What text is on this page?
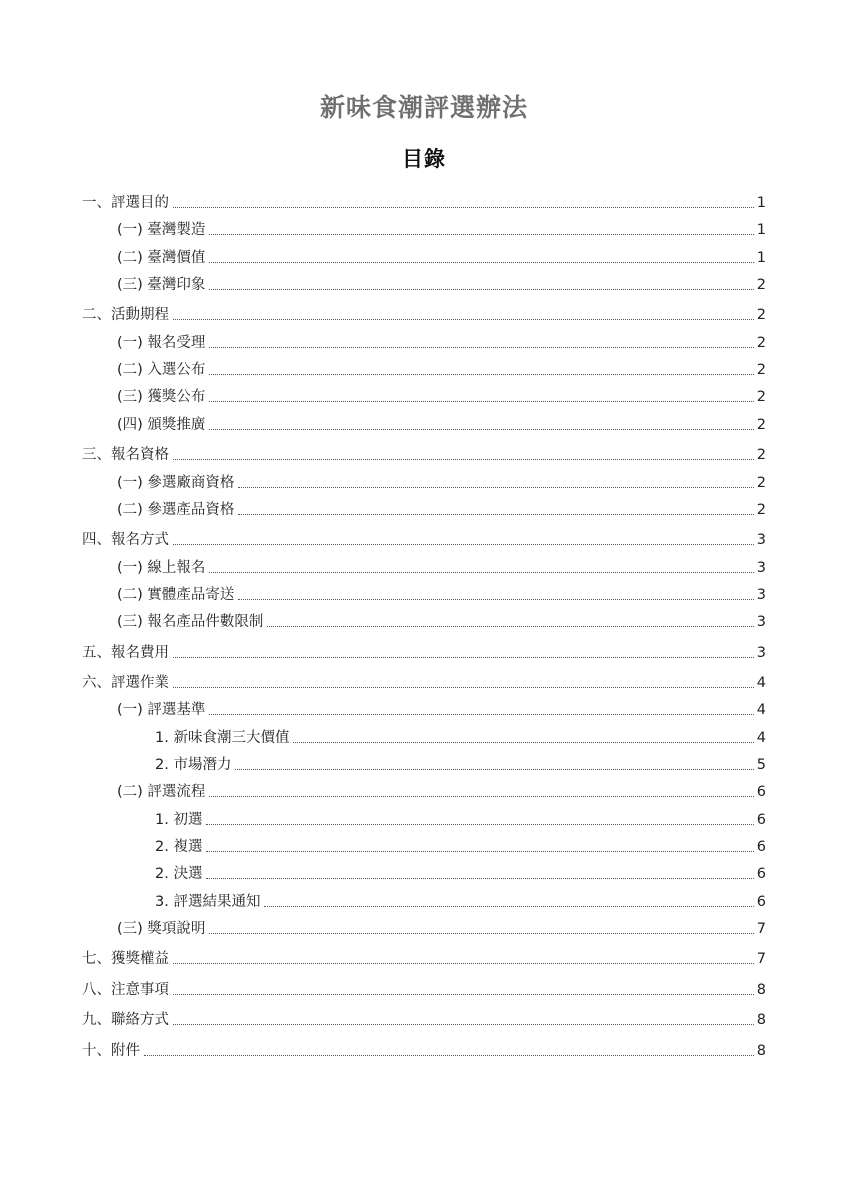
新味食潮評選辦法
目錄
一、評選目的	1
(一) 臺灣製造	1
(二) 臺灣價值	1
(三) 臺灣印象	2
二、活動期程	2
(一) 報名受理	2
(二) 入選公布	2
(三) 獲獎公布	2
(四) 頒獎推廣	2
三、報名資格	2
(一) 參選廠商資格	2
(二) 參選產品資格	2
四、報名方式	3
(一) 線上報名	3
(二) 實體產品寄送	3
(三) 報名產品件數限制	3
五、報名費用	3
六、評選作業	4
(一) 評選基準	4
1. 新味食潮三大價值	4
2. 市場潛力	5
(二) 評選流程	6
1. 初選	6
2. 複選	6
2. 決選	6
3. 評選結果通知	6
(三) 獎項說明	7
七、獲獎權益	7
八、注意事項	8
九、聯絡方式	8
十、附件	8
